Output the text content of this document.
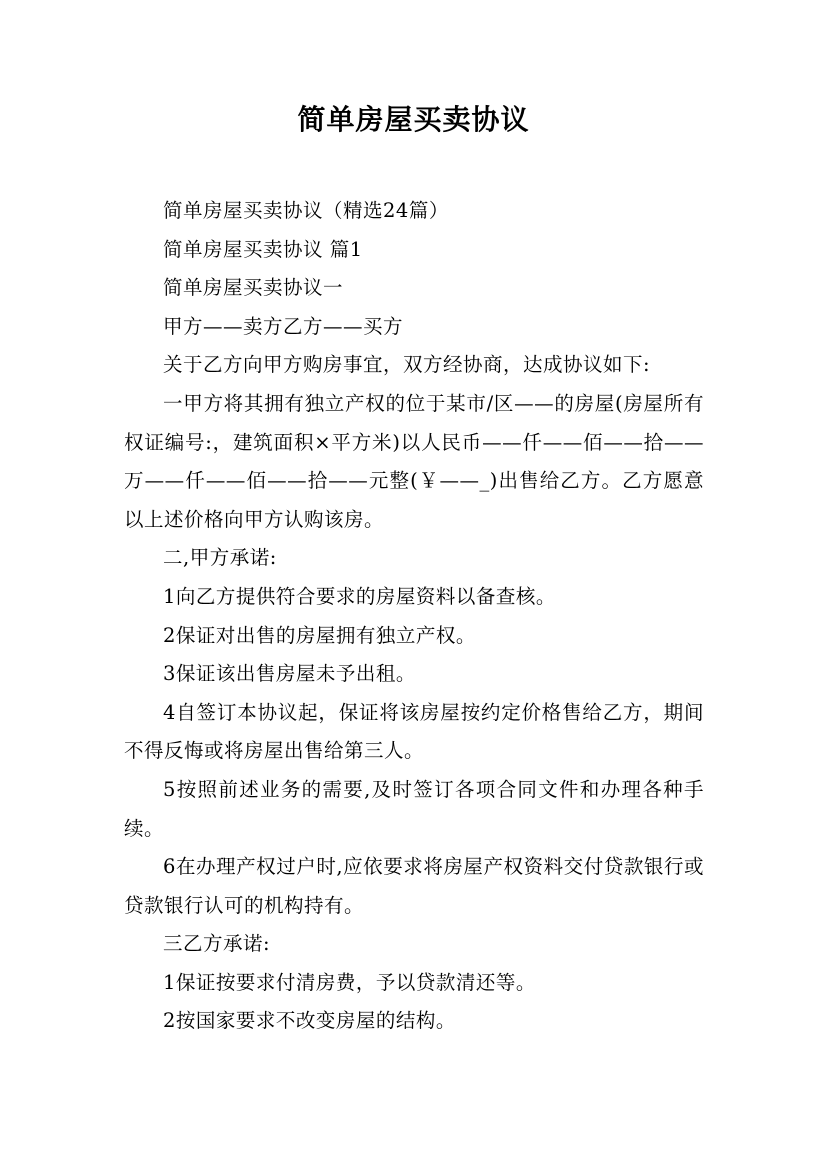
简单房屋买卖协议

简单房屋买卖协议（精选24篇）

简单房屋买卖协议 篇1

简单房屋买卖协议一

甲方——卖方乙方——买方

关于乙方向甲方购房事宜，双方经协商，达成协议如下:

一甲方将其拥有独立产权的位于某市/区——的房屋(房屋所有权证编号:，建筑面积×平方米)以人民币——仟——佰——拾——万——仟——佰——拾——元整(￥——_)出售给乙方。乙方愿意以上述价格向甲方认购该房。

二,甲方承诺:

1向乙方提供符合要求的房屋资料以备查核。

2保证对出售的房屋拥有独立产权。

3保证该出售房屋未予出租。

4自签订本协议起，保证将该房屋按约定价格售给乙方，期间不得反悔或将房屋出售给第三人。

5按照前述业务的需要,及时签订各项合同文件和办理各种手续。

6在办理产权过户时,应依要求将房屋产权资料交付贷款银行或贷款银行认可的机构持有。

三乙方承诺:

1保证按要求付清房费，予以贷款清还等。

2按国家要求不改变房屋的结构。
